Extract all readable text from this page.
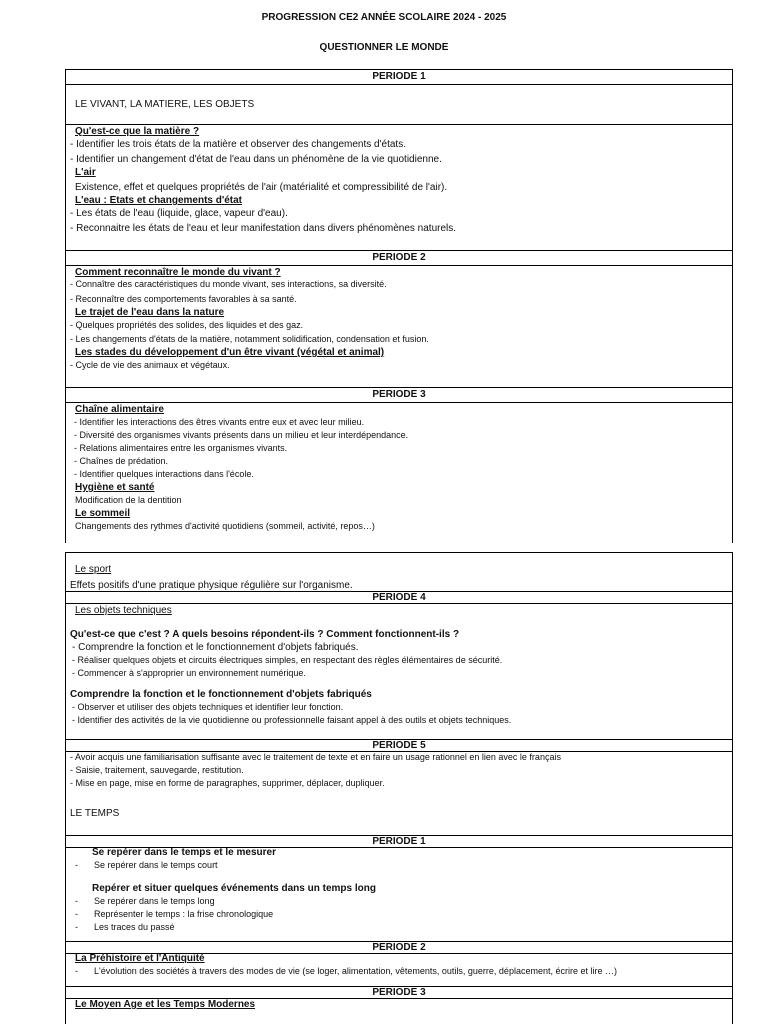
PROGRESSION CE2 ANNÉE SCOLAIRE 2024 - 2025
QUESTIONNER LE MONDE
PERIODE 1
LE VIVANT, LA MATIERE, LES OBJETS
Qu'est-ce que la matière ?
- Identifier les trois états de la matière et observer des changements d'états.
- Identifier un changement d'état de l'eau dans un phénomène de la vie quotidienne.
L'air
Existence, effet et quelques propriétés de l'air (matérialité et compressibilité de l'air).
L'eau : Etats et changements d'état
- Les états de l'eau (liquide, glace, vapeur d'eau).
- Reconnaitre les états de l'eau et leur manifestation dans divers phénomènes naturels.
PERIODE 2
Comment reconnaître le monde du vivant ?
- Connaître des caractéristiques du monde vivant, ses interactions, sa diversité.
- Reconnaître des comportements favorables à sa santé.
Le trajet de l'eau dans la nature
- Quelques propriétés des solides, des liquides et des gaz.
- Les changements d'états de la matière, notamment solidification, condensation et fusion.
Les stades du développement d'un être vivant (végétal et animal)
- Cycle de vie des animaux et végétaux.
PERIODE 3
Chaîne alimentaire
- Identifier les interactions des êtres vivants entre eux et avec leur milieu.
- Diversité des organismes vivants présents dans un milieu et leur interdépendance.
- Relations alimentaires entre les organismes vivants.
- Chaînes de prédation.
- Identifier quelques interactions dans l'école.
Hygiène et santé
Modification de la dentition
Le sommeil
Changements des rythmes d'activité quotidiens (sommeil, activité, repos…)
Le sport
Effets positifs d'une pratique physique régulière sur l'organisme.
PERIODE 4
Les objets techniques
Qu'est-ce que c'est ? A quels besoins répondent-ils ? Comment fonctionnent-ils ?
- Comprendre la fonction et le fonctionnement d'objets fabriqués.
- Réaliser quelques objets et circuits électriques simples, en respectant des règles élémentaires de sécurité.
- Commencer à s'approprier un environnement numérique.
Comprendre la fonction et le fonctionnement d'objets fabriqués
- Observer et utiliser des objets techniques et identifier leur fonction.
- Identifier des activités de la vie quotidienne ou professionnelle faisant appel à des outils et objets techniques.
PERIODE 5
- Avoir acquis une familiarisation suffisante avec le traitement de texte et en faire un usage rationnel en lien avec le français
- Saisie, traitement, sauvegarde, restitution.
- Mise en page, mise en forme de paragraphes, supprimer, déplacer, dupliquer.
LE TEMPS
PERIODE 1
Se repérer dans le temps et le mesurer
- Se repérer dans le temps court
Repérer et situer quelques événements dans un temps long
- Se repérer dans le temps long
- Représenter le temps : la frise chronologique
- Les traces du passé
PERIODE 2
La Préhistoire et l'Antiquité
- L'évolution des sociétés à travers des modes de vie (se loger, alimentation, vêtements, outils, guerre, déplacement, écrire et lire …)
PERIODE 3
Le Moyen Age et les Temps Modernes
